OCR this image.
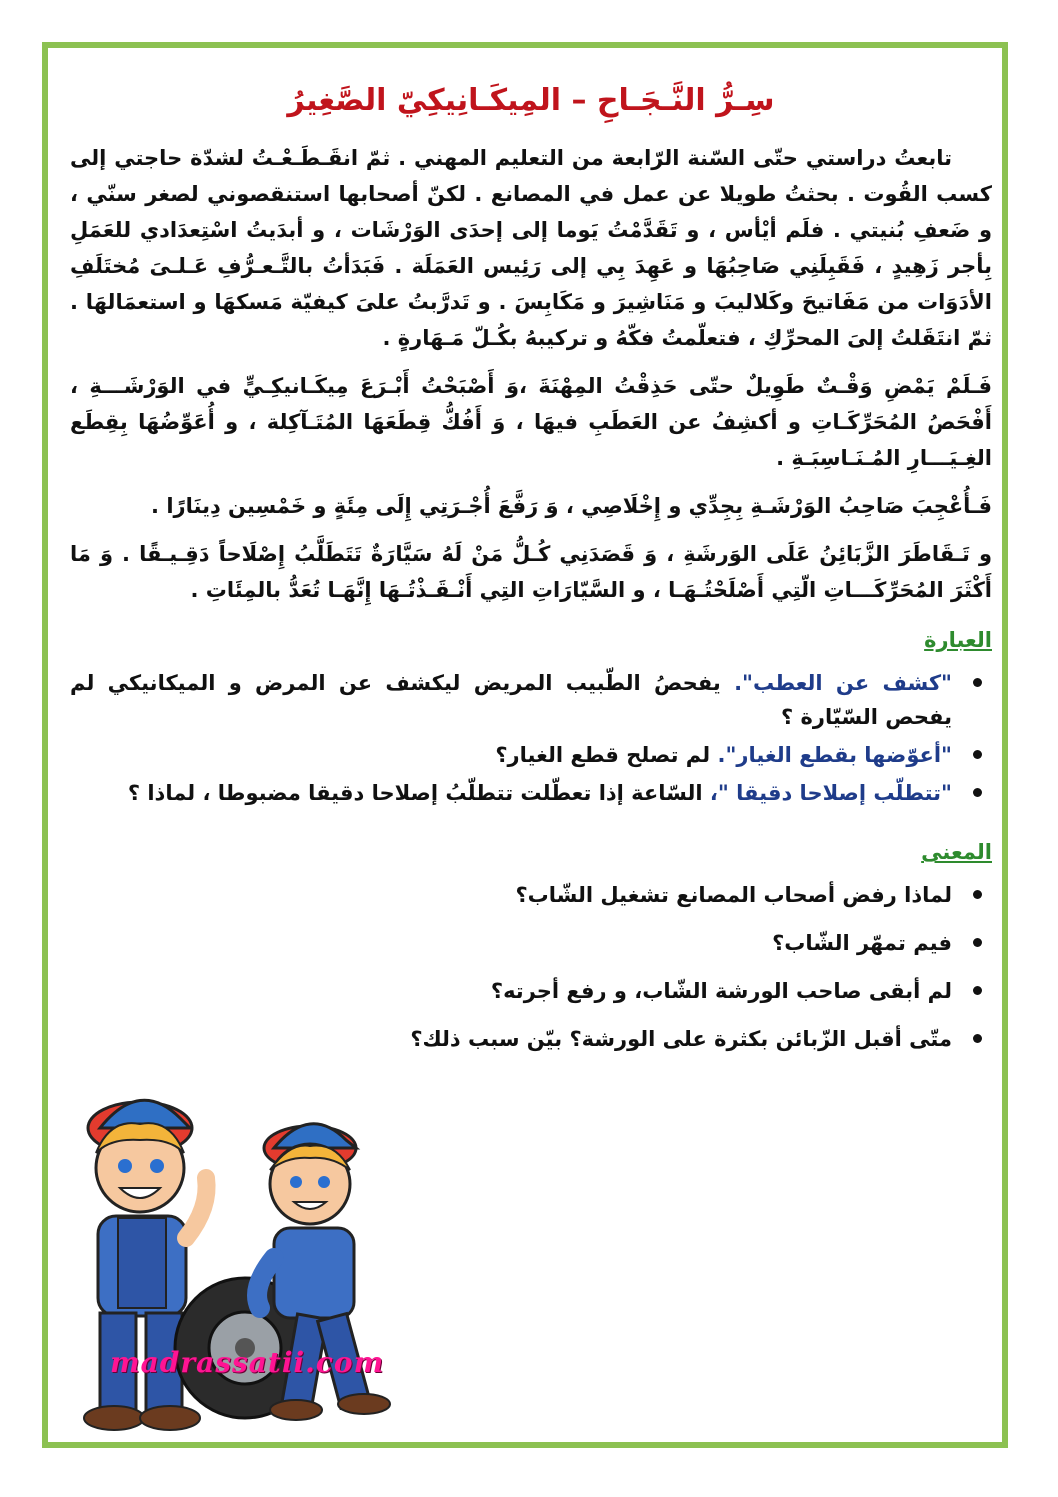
سِـرُّ النَّـجَـاحِ – المِيكَـانِيكِيّ الصَّغِيرُ

تابعتُ دراستي حتّى السّنة الرّابعة من التعليم المهني . ثمّ انقَـطَـعْـتُ لشدّة حاجتي إلى كسب القُوت . بحثتُ طويلا عن عمل في المصانع . لكنّ أصحابها استنقصوني لصغر سنّي ، و ضَعفِ بُنيتي . فلَم أيْأس ، و تَقَدَّمْتُ يَوما إلى إحدَى الوَرْشَات ، و أبدَيتُ اسْتِعدَادي للعَمَلِ بِأجر زَهِيدٍ ، فَقَبِلَنِي صَاحِبُهَا و عَهِدَ بِي إلى رَئِيس العَمَلَة . فَبَدَأتُ بالتَّـعـرُّفِ عَـلـىَ مُختَلَفِ الأدَوَات من مَفَاتيحَ وكَلاليبَ و مَنَاشِيرَ و مَكَابِسَ . و تَدرَّبتُ علىَ كيفيّة مَسكهَا و استعمَالهَا . ثمّ انتَقَلتُ إلىَ المحرِّكِ ، فتعلّمتُ فكّهُ و تركيبهُ بكُـلّ مَـهَارةٍ .

فَـلَمْ يَمْضِ وَقْـتٌ طَوِيلٌ حتّى حَذِقْتُ المِهْنَةَ ،وَ أَصْبَحْتُ أَبْـرَعَ مِيكَـانيكِـيٍّ في الوَرْشَـــةِ ، أَفْحَصُ المُحَرِّكَـاتِ و أكشِفُ عن العَطَبِ فيهَا ، وَ أَفُكُّ قِطَعَهَا المُتَـآكِلة ، و أُعَوِّضُهَا بِقِطَع الغِـيَـــارِ المُـنَـاسِبَـةِ .

فَـأُعْجِبَ صَاحِبُ الوَرْشَـةِ بِجِدِّي و إِخْلَاصِي ، وَ رَفَّعَ أُجْـرَتِي إِلَى مِئَةٍ و خَمْسِين دِينَارًا .

و تَـقَاطَرَ الزَّبَائِنُ عَلَى الوَرشَةِ ، وَ قَصَدَنِي كُـلُّ مَنْ لَهُ سَيَّارَةٌ تَتَطَلَّبُ إِصْلَاحاً دَقِـيـقًا . وَ مَا أَكْثَرَ المُحَرِّكَـــاتِ الّتِي أَصْلَحْتُـهَـا ، و السَّيّارَاتِ التِي أَنْـقَـذْتُـهَا إِنَّهَـا تُعَدُّ بالمِئَاتِ .

العبارة
"كشف عن العطب". يفحصُ الطّبيب المريض ليكشف عن المرض و الميكانيكي لم يفحص السّيّارة ؟
"أعوّضها بقطع الغيار". لم تصلح قطع الغيار؟
"تتطلّب إصلاحا دقيقا "، السّاعة إذا تعطّلت تتطلّبُ إصلاحا دقيقا مضبوطا ، لماذا ؟
المعنى
لماذا رفض أصحاب المصانع تشغيل الشّاب؟
فيم تمهّر الشّاب؟
لم أبقى صاحب الورشة الشّاب، و رفع أجرته؟
متّى أقبل الزّبائن بكثرة على الورشة؟ بيّن سبب ذلك؟
madrassatii.com
